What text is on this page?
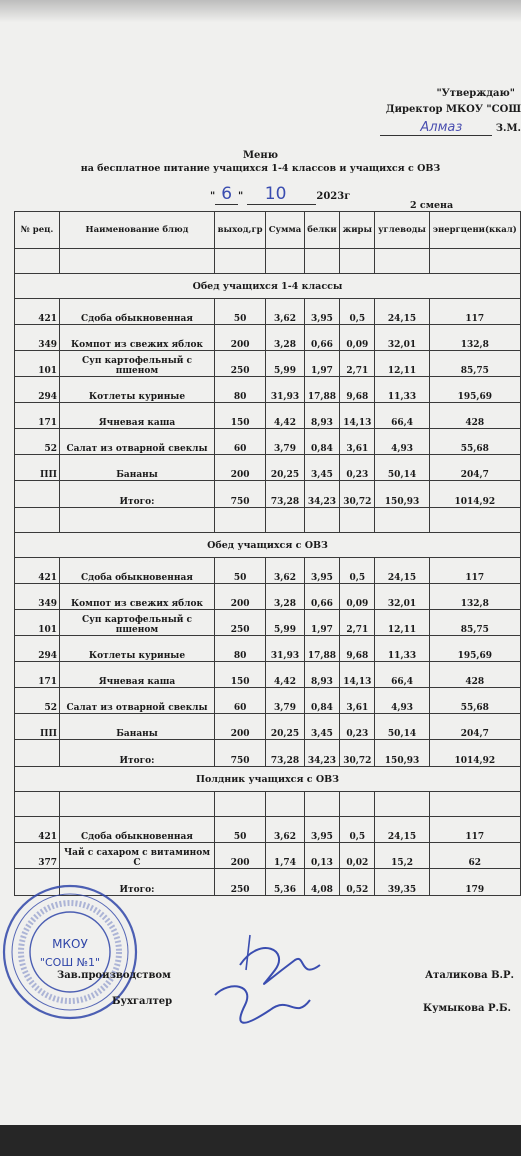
"Утверждаю"
Директор МКОУ "СОШ
Алмаз	З.М.
Меню
на бесплатное питание учащихся 1-4 классов и учащихся с ОВЗ
" 6 " 10	2023г
2 смена
№ рец.	Наименование блюд	выход,гр	Сумма	белки	жиры	углеводы	энергцени(ккал)

Обед учащихся 1-4 классы							
421	Сдоба обыкновенная	50	3,62	3,95	0,5	24,15	117
349	Компот из свежих яблок	200	3,28	0,66	0,09	32,01	132,8
101	Суп картофельный с пшеном	250	5,99	1,97	2,71	12,11	85,75
294	Котлеты куриные	80	31,93	17,88	9,68	11,33	195,69
171	Ячневая каша	150	4,42	8,93	14,13	66,4	428
52	Салат из отварной свеклы	60	3,79	0,84	3,61	4,93	55,68
ПП	Бананы	200	20,25	3,45	0,23	50,14	204,7
	Итого:	750	73,28	34,23	30,72	150,93	1014,92

Обед учащихся с ОВЗ							
421	Сдоба обыкновенная	50	3,62	3,95	0,5	24,15	117
349	Компот из свежих яблок	200	3,28	0,66	0,09	32,01	132,8
101	Суп картофельный с пшеном	250	5,99	1,97	2,71	12,11	85,75
294	Котлеты куриные	80	31,93	17,88	9,68	11,33	195,69
171	Ячневая каша	150	4,42	8,93	14,13	66,4	428
52	Салат из отварной свеклы	60	3,79	0,84	3,61	4,93	55,68
ПП	Бананы	200	20,25	3,45	0,23	50,14	204,7
	Итого:	750	73,28	34,23	30,72	150,93	1014,92
Полдник учащихся с ОВЗ							

421	Сдоба обыкновенная	50	3,62	3,95	0,5	24,15	117
377	Чай с сахаром с витамином С	200	1,74	0,13	0,02	15,2	62
	Итого:	250	5,36	4,08	0,52	39,35	179
МКОУ
"СОШ №1"
Зав.производством	Аталикова В.Р.
Бухгалтер
Кумыкова Р.Б.
